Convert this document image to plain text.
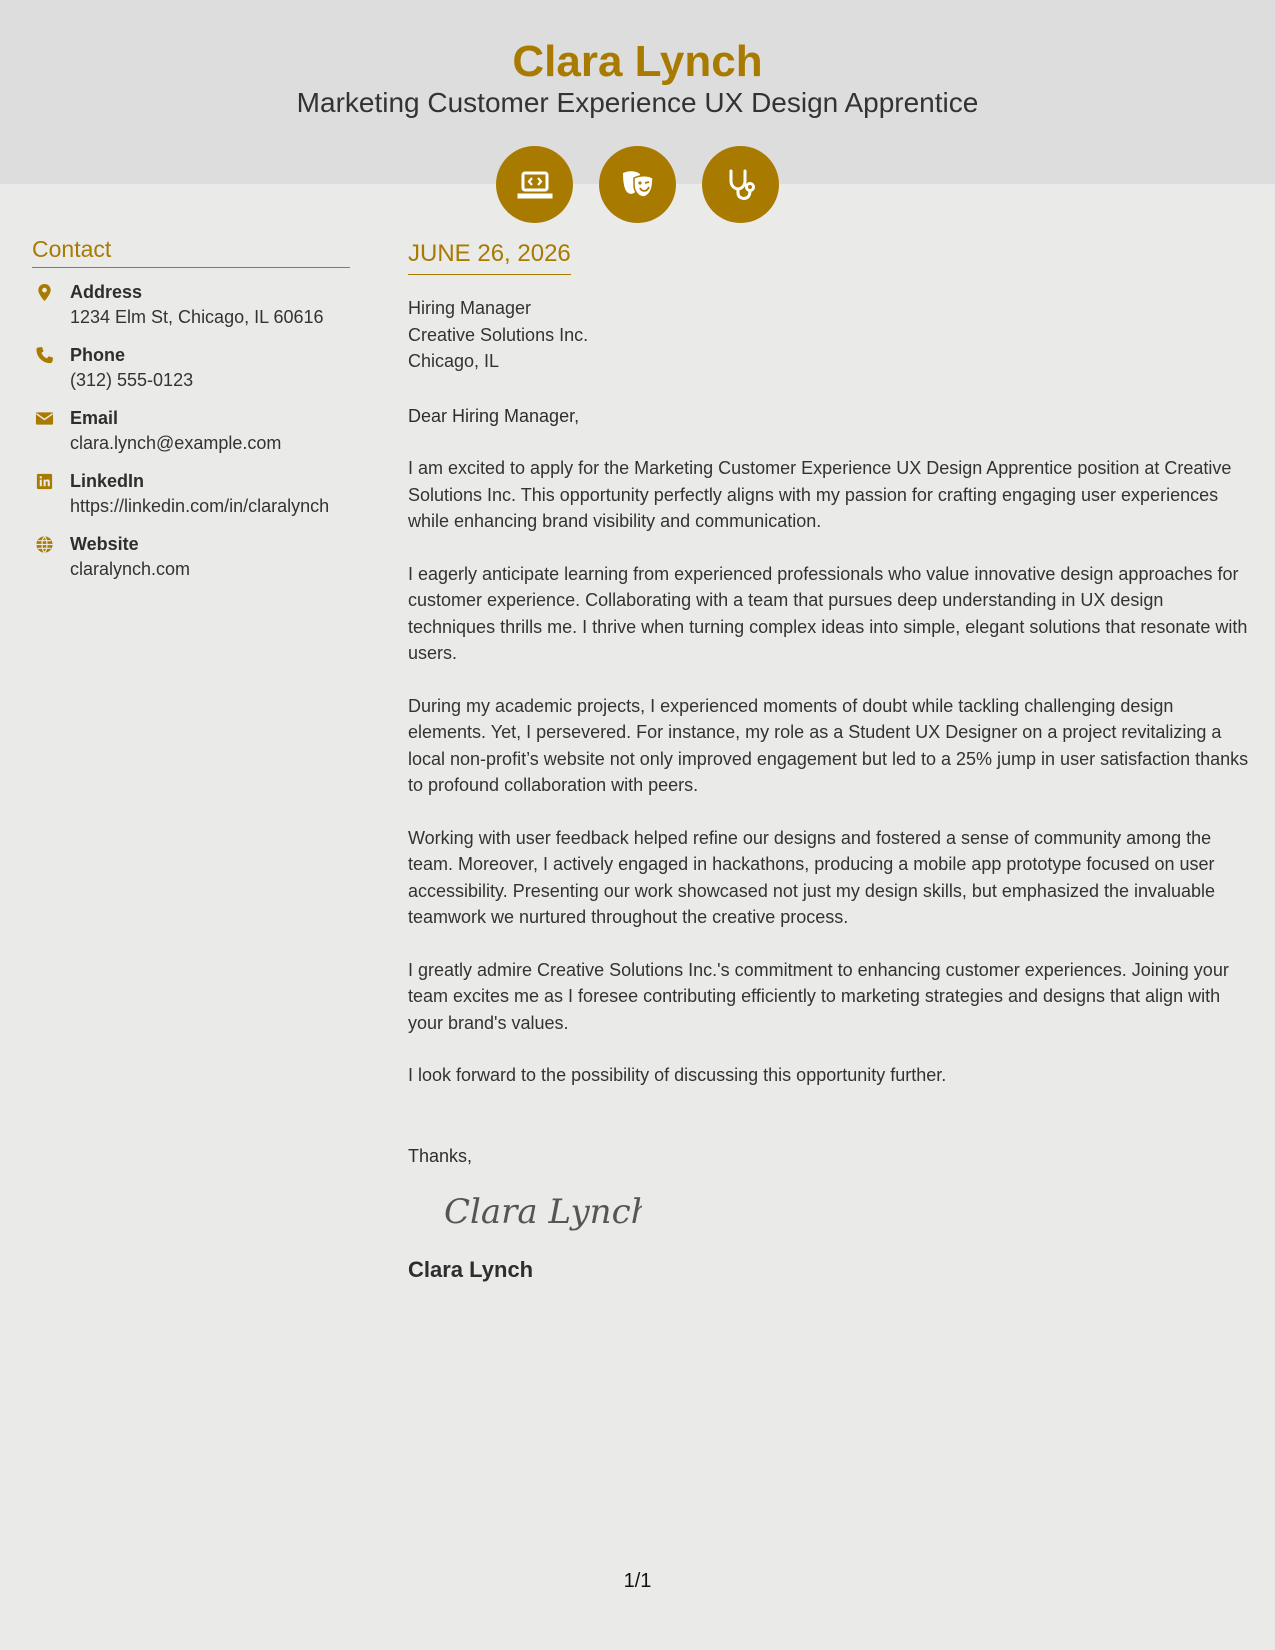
Clara Lynch
Marketing Customer Experience UX Design Apprentice
Contact
Address
1234 Elm St, Chicago, IL 60616
Phone
(312) 555-0123
Email
clara.lynch@example.com
LinkedIn
https://linkedin.com/in/claralynch
Website
claralynch.com
JUNE 26, 2026
Hiring Manager
Creative Solutions Inc.
Chicago, IL
Dear Hiring Manager,

I am excited to apply for the Marketing Customer Experience UX Design Apprentice position at Creative Solutions Inc. This opportunity perfectly aligns with my passion for crafting engaging user experiences while enhancing brand visibility and communication.

I eagerly anticipate learning from experienced professionals who value innovative design approaches for customer experience. Collaborating with a team that pursues deep understanding in UX design techniques thrills me. I thrive when turning complex ideas into simple, elegant solutions that resonate with users.

During my academic projects, I experienced moments of doubt while tackling challenging design elements. Yet, I persevered. For instance, my role as a Student UX Designer on a project revitalizing a local non-profit’s website not only improved engagement but led to a 25% jump in user satisfaction thanks to profound collaboration with peers.

Working with user feedback helped refine our designs and fostered a sense of community among the team. Moreover, I actively engaged in hackathons, producing a mobile app prototype focused on user accessibility. Presenting our work showcased not just my design skills, but emphasized the invaluable teamwork we nurtured throughout the creative process.

I greatly admire Creative Solutions Inc.'s commitment to enhancing customer experiences. Joining your team excites me as I foresee contributing efficiently to marketing strategies and designs that align with your brand's values.

I look forward to the possibility of discussing this opportunity further.

Thanks,
Clara Lynch
Clara Lynch
1/1
